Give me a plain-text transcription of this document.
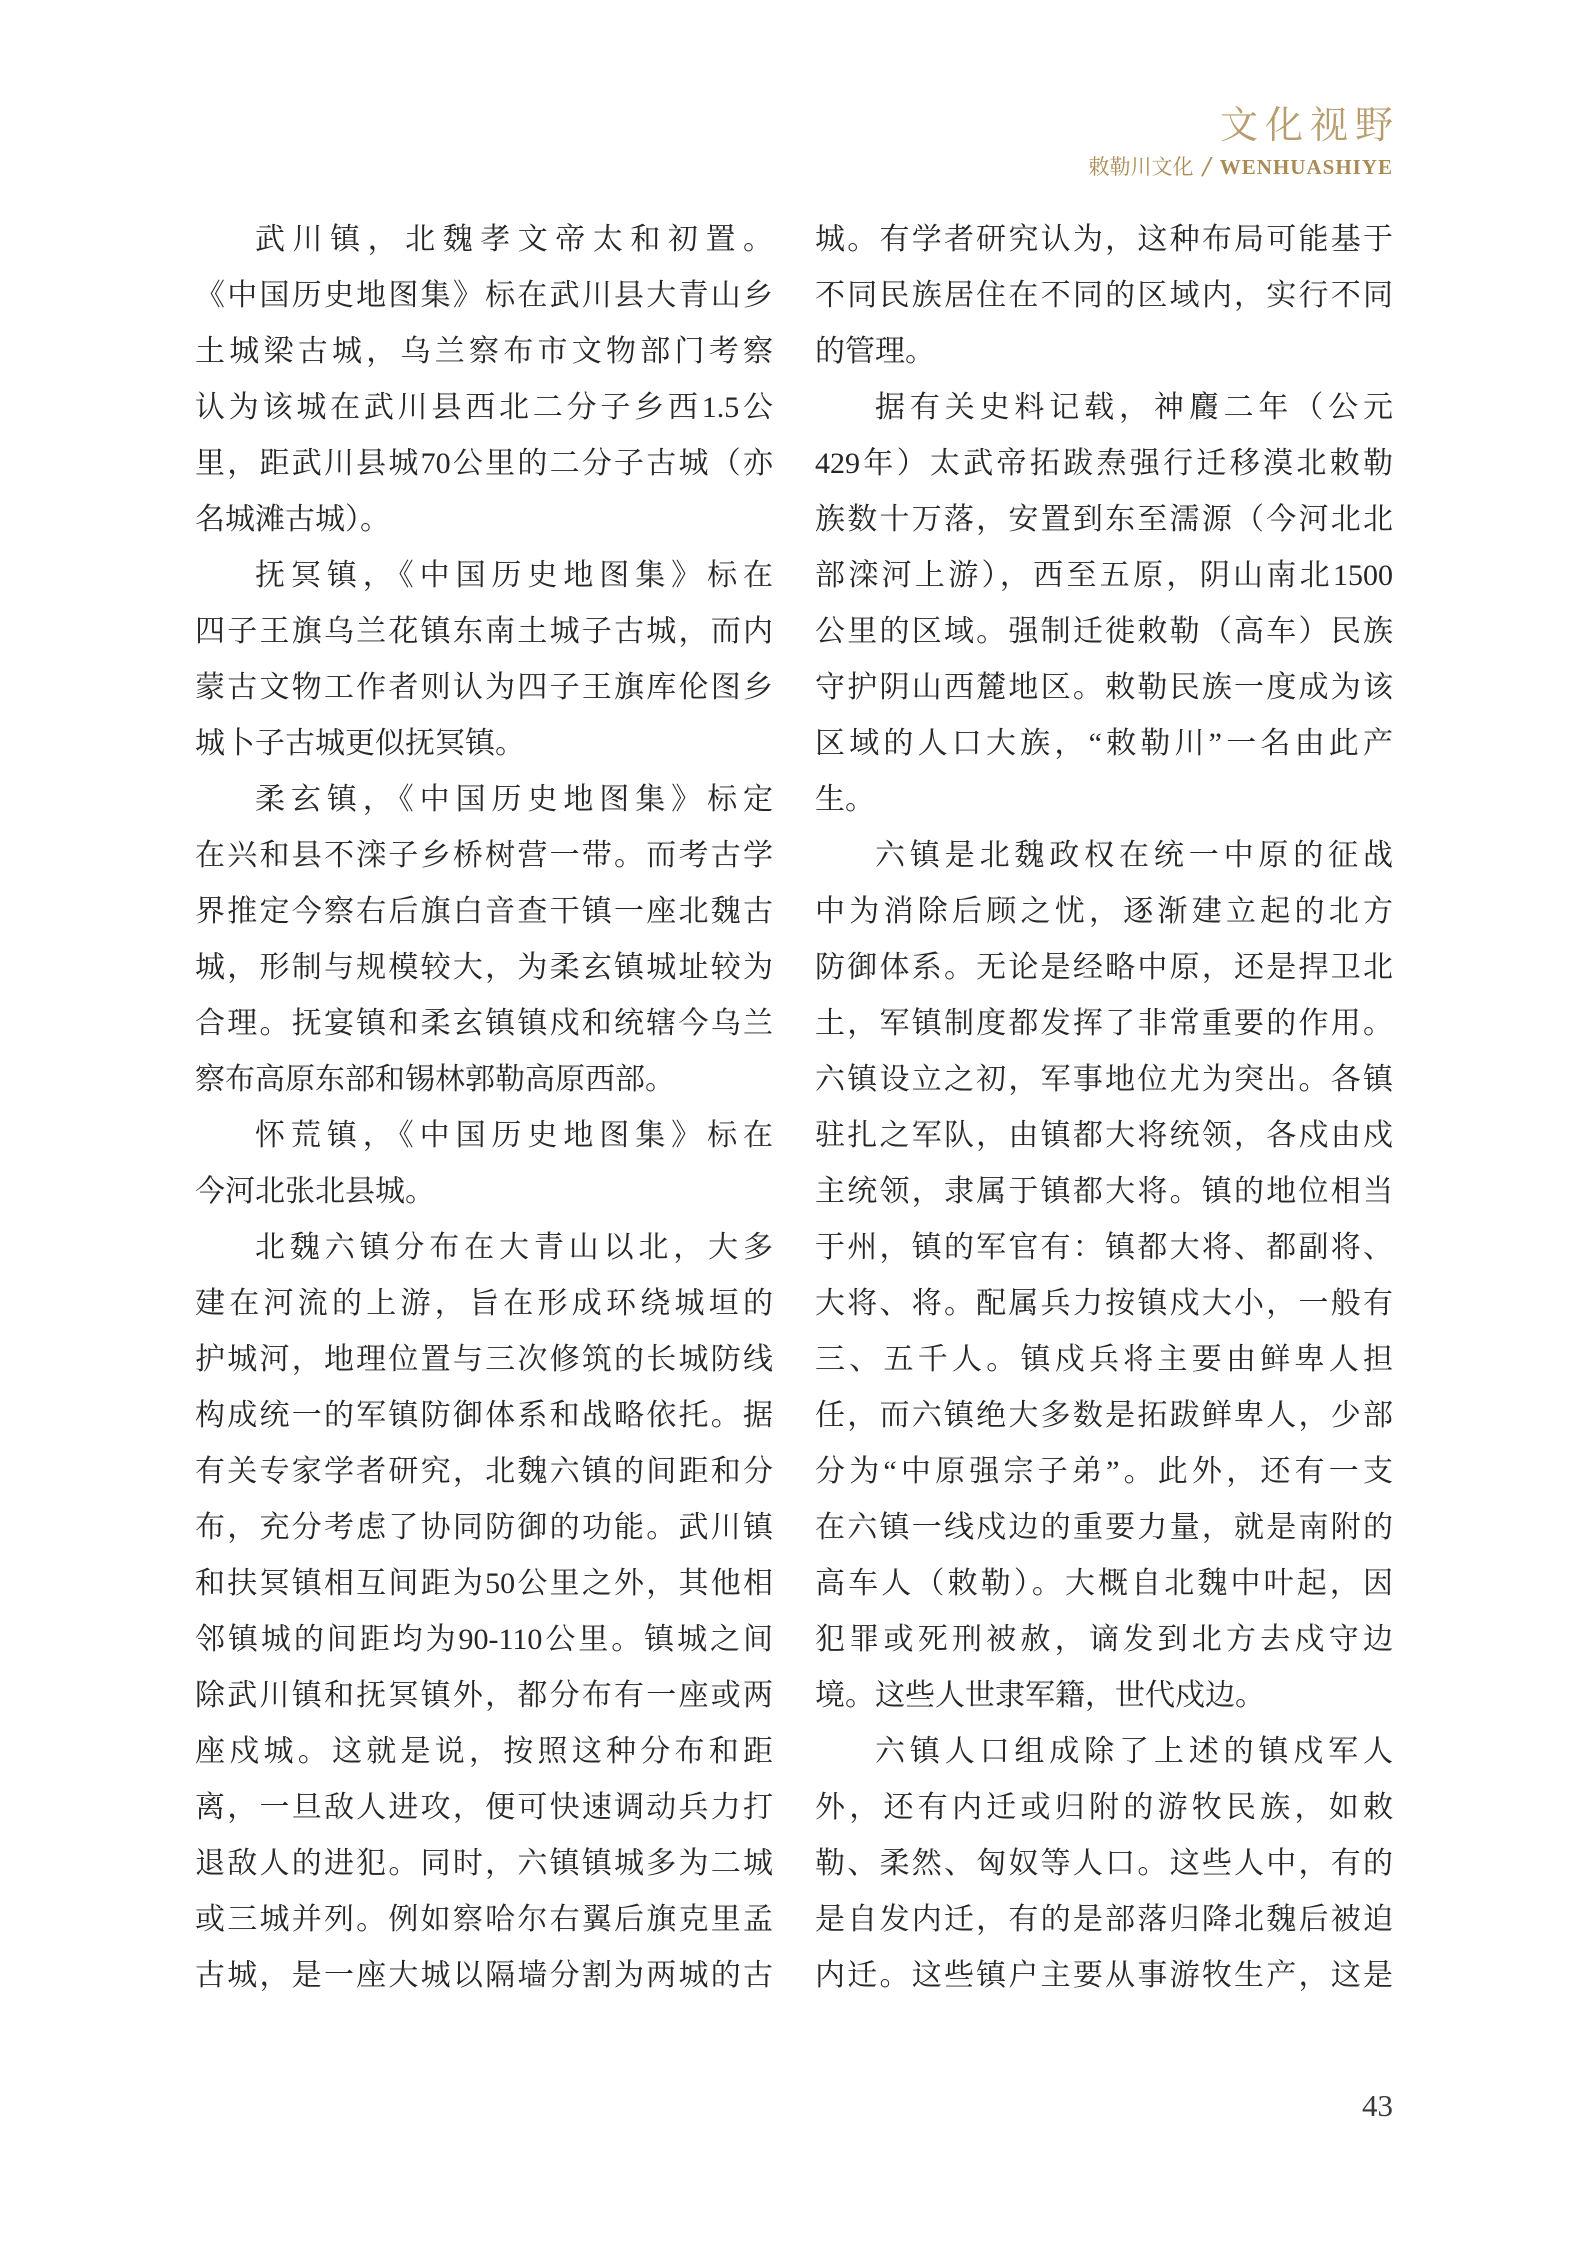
文化视野
敕勒川文化 / WENHUASHIYE
武川镇，北魏孝文帝太和初置。
《中国历史地图集》标在武川县大青山乡
土城梁古城，乌兰察布市文物部门考察
认为该城在武川县西北二分子乡西1.5公
里，距武川县城70公里的二分子古城（亦
名城滩古城）。
抚冥镇，《中国历史地图集》标在
四子王旗乌兰花镇东南土城子古城，而内
蒙古文物工作者则认为四子王旗库伦图乡
城卜子古城更似抚冥镇。
柔玄镇，《中国历史地图集》标定
在兴和县不滦子乡桥树营一带。而考古学
界推定今察右后旗白音查干镇一座北魏古
城，形制与规模较大，为柔玄镇城址较为
合理。抚宴镇和柔玄镇镇戍和统辖今乌兰
察布高原东部和锡林郭勒高原西部。
怀荒镇，《中国历史地图集》标在
今河北张北县城。
北魏六镇分布在大青山以北，大多
建在河流的上游，旨在形成环绕城垣的
护城河，地理位置与三次修筑的长城防线
构成统一的军镇防御体系和战略依托。据
有关专家学者研究，北魏六镇的间距和分
布，充分考虑了协同防御的功能。武川镇
和扶冥镇相互间距为50公里之外，其他相
邻镇城的间距均为90-110公里。镇城之间
除武川镇和抚冥镇外，都分布有一座或两
座戍城。这就是说，按照这种分布和距
离，一旦敌人进攻，便可快速调动兵力打
退敌人的进犯。同时，六镇镇城多为二城
或三城并列。例如察哈尔右翼后旗克里孟
古城，是一座大城以隔墙分割为两城的古
城。有学者研究认为，这种布局可能基于
不同民族居住在不同的区域内，实行不同
的管理。
据有关史料记载，神麚二年（公元
429年）太武帝拓跋焘强行迁移漠北敕勒
族数十万落，安置到东至濡源（今河北北
部滦河上游），西至五原，阴山南北1500
公里的区域。强制迁徙敕勒（高车）民族
守护阴山西麓地区。敕勒民族一度成为该
区域的人口大族，“敕勒川”一名由此产
生。
六镇是北魏政权在统一中原的征战
中为消除后顾之忧，逐渐建立起的北方
防御体系。无论是经略中原，还是捍卫北
土，军镇制度都发挥了非常重要的作用。
六镇设立之初，军事地位尤为突出。各镇
驻扎之军队，由镇都大将统领，各戍由戍
主统领，隶属于镇都大将。镇的地位相当
于州，镇的军官有：镇都大将、都副将、
大将、将。配属兵力按镇戍大小，一般有
三、五千人。镇戍兵将主要由鲜卑人担
任，而六镇绝大多数是拓跋鲜卑人，少部
分为“中原强宗子弟”。此外，还有一支
在六镇一线戍边的重要力量，就是南附的
高车人（敕勒）。大概自北魏中叶起，因
犯罪或死刑被赦，谪发到北方去戍守边
境。这些人世隶军籍，世代戍边。
六镇人口组成除了上述的镇戍军人
外，还有内迁或归附的游牧民族，如敕
勒、柔然、匈奴等人口。这些人中，有的
是自发内迁，有的是部落归降北魏后被迫
内迁。这些镇户主要从事游牧生产，这是
43
